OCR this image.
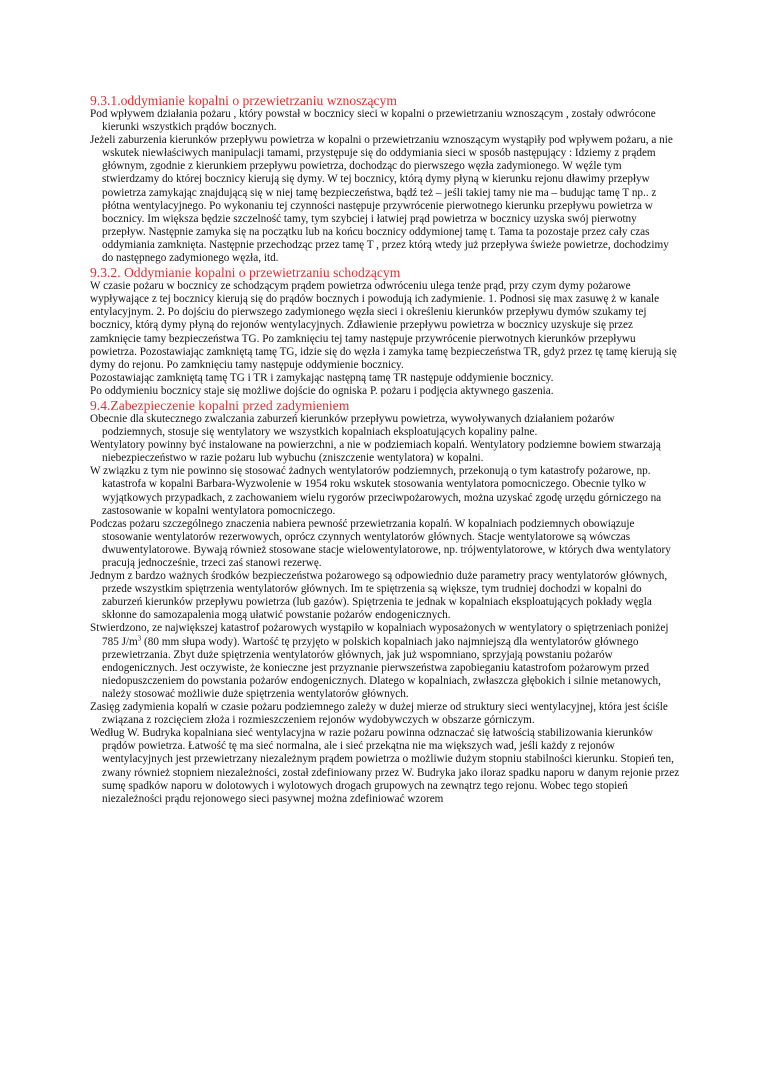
9.3.1.oddymianie kopalni o przewietrzaniu wznoszącym

Pod wpływem działania pożaru , który powstał w bocznicy sieci w kopalni o przewietrzaniu wznoszącym , zostały odwrócone kierunki wszystkich prądów bocznych.

Jeżeli zaburzenia kierunków przepływu powietrza w kopalni o przewietrzaniu wznoszącym wystąpiły pod wpływem pożaru, a nie wskutek niewłaściwych manipulacji tamami, przystępuje się do oddymiania sieci w sposób następujący : Idziemy z prądem głównym, zgodnie z kierunkiem przepływu powietrza, dochodząc do pierwszego węzła zadymionego. W węźle tym stwierdzamy do której bocznicy kierują się dymy. W tej bocznicy, którą dymy płyną w kierunku rejonu dławimy przepływ powietrza zamykając znajdującą się w niej tamę bezpieczeństwa, bądź też – jeśli takiej tamy nie ma – budując tamę T np.. z płótna wentylacyjnego. Po wykonaniu tej czynności następuje przywrócenie pierwotnego kierunku przepływu powietrza w bocznicy. Im większa będzie szczelność tamy, tym szybciej i łatwiej prąd powietrza w bocznicy uzyska swój pierwotny przepływ. Następnie zamyka się na początku lub na końcu bocznicy oddymionej tamę t. Tama ta pozostaje przez cały czas oddymiania zamknięta. Następnie przechodząc przez tamę T , przez którą wtedy już przepływa świeże powietrze, dochodzimy do następnego zadymionego węzła, itd.

9.3.2. Oddymianie kopalni o przewietrzaniu schodzącym

W czasie pożaru w bocznicy ze schodzącym prądem powietrza odwróceniu ulega tenże prąd, przy czym dymy pożarowe wypływające z tej bocznicy kierują się do prądów bocznych i powodują ich zadymienie. 1. Podnosi się max zasuwę ż w kanale entylacyjnym. 2. Po dojściu do pierwszego zadymionego węzła sieci i określeniu kierunków przepływu dymów szukamy tej bocznicy, którą dymy płyną do rejonów wentylacyjnych. Zdławienie przepływu powietrza w bocznicy uzyskuje się przez zamknięcie tamy bezpieczeństwa TG. Po zamknięciu tej tamy następuje przywrócenie pierwotnych kierunków przepływu powietrza. Pozostawiając zamkniętą tamę TG, idzie się do węzła i zamyka tamę bezpieczeństwa TR, gdyż przez tę tamę kierują się dymy do rejonu. Po zamknięciu tamy następuje oddymienie bocznicy.

Pozostawiając zamkniętą tamę TG i TR i zamykając następną tamę TR następuje oddymienie bocznicy.

Po oddymieniu bocznicy staje się możliwe dojście do ogniska P. pożaru i podjęcia aktywnego gaszenia.

9.4.Zabezpieczenie kopalni przed zadymieniem

Obecnie dla skutecznego zwalczania zaburzeń kierunków przepływu powietrza, wywoływanych działaniem pożarów podziemnych, stosuje się wentylatory we wszystkich kopalniach eksploatujących kopaliny palne.

Wentylatory powinny być instalowane na powierzchni, a nie w podziemiach kopalń. Wentylatory podziemne bowiem stwarzają niebezpieczeństwo w razie pożaru lub wybuchu (zniszczenie wentylatora) w kopalni.

W związku z tym nie powinno się stosować żadnych wentylatorów podziemnych, przekonują o tym katastrofy pożarowe, np. katastrofa w kopalni Barbara-Wyzwolenie w 1954 roku wskutek stosowania wentylatora pomocniczego. Obecnie tylko w wyjątkowych przypadkach, z zachowaniem wielu rygorów przeciwpożarowych, można uzyskać zgodę urzędu górniczego na zastosowanie w kopalni wentylatora pomocniczego.

Podczas pożaru szczególnego znaczenia nabiera pewność przewietrzania kopalń. W kopalniach podziemnych obowiązuje stosowanie wentylatorów rezerwowych, oprócz czynnych wentylatorów głównych. Stacje wentylatorowe są wówczas dwuwentylatorowe. Bywają również stosowane stacje wielowentylatorowe, np. trójwentylatorowe, w których dwa wentylatory pracują jednocześnie, trzeci zaś stanowi rezerwę.

Jednym z bardzo ważnych środków bezpieczeństwa pożarowego są odpowiednio duże parametry pracy wentylatorów głównych, przede wszystkim spiętrzenia wentylatorów głównych. Im te spiętrzenia są większe, tym trudniej dochodzi w kopalni do zaburzeń kierunków przepływu powietrza (lub gazów). Spiętrzenia te jednak w kopalniach eksploatujących pokłady węgla skłonne do samozapalenia mogą ułatwić powstanie pożarów endogenicznych.

Stwierdzono, ze największej katastrof pożarowych wystąpiło w kopalniach wyposażonych w wentylatory o spiętrzeniach poniżej 785 $J/m^3$ (80 mm słupa wody). Wartość tę przyjęto w polskich kopalniach jako najmniejszą dla wentylatorów głównego przewietrzania. Zbyt duże spiętrzenia wentylatorów głównych, jak już wspomniano, sprzyjają powstaniu pożarów endogenicznych. Jest oczywiste, że konieczne jest przyznanie pierwszeństwa zapobieganiu katastrofom pożarowym przed niedopuszczeniem do powstania pożarów endogenicznych. Dlatego w kopalniach, zwłaszcza głębokich i silnie metanowych, należy stosować możliwie duże spiętrzenia wentylatorów głównych.

Zasięg zadymienia kopalń w czasie pożaru podziemnego zależy w dużej mierze od struktury sieci wentylacyjnej, która jest ściśle związana z rozcięciem złoża i rozmieszczeniem rejonów wydobywczych w obszarze górniczym.

Według W. Budryka kopalniana sieć wentylacyjna w razie pożaru powinna odznaczać się łatwością stabilizowania kierunków prądów powietrza. Łatwość tę ma sieć normalna, ale i sieć przekątna nie ma większych wad, jeśli każdy z rejonów wentylacyjnych jest przewietrzany niezależnym prądem powietrza o możliwie dużym stopniu stabilności kierunku. Stopień ten, zwany również stopniem niezależności, został zdefiniowany przez W. Budryka jako iloraz spadku naporu w danym rejonie przez sumę spadków naporu w dolotowych i wylotowych drogach grupowych na zewnątrz tego rejonu. Wobec tego stopień niezależności prądu rejonowego sieci pasywnej można zdefiniować wzorem
